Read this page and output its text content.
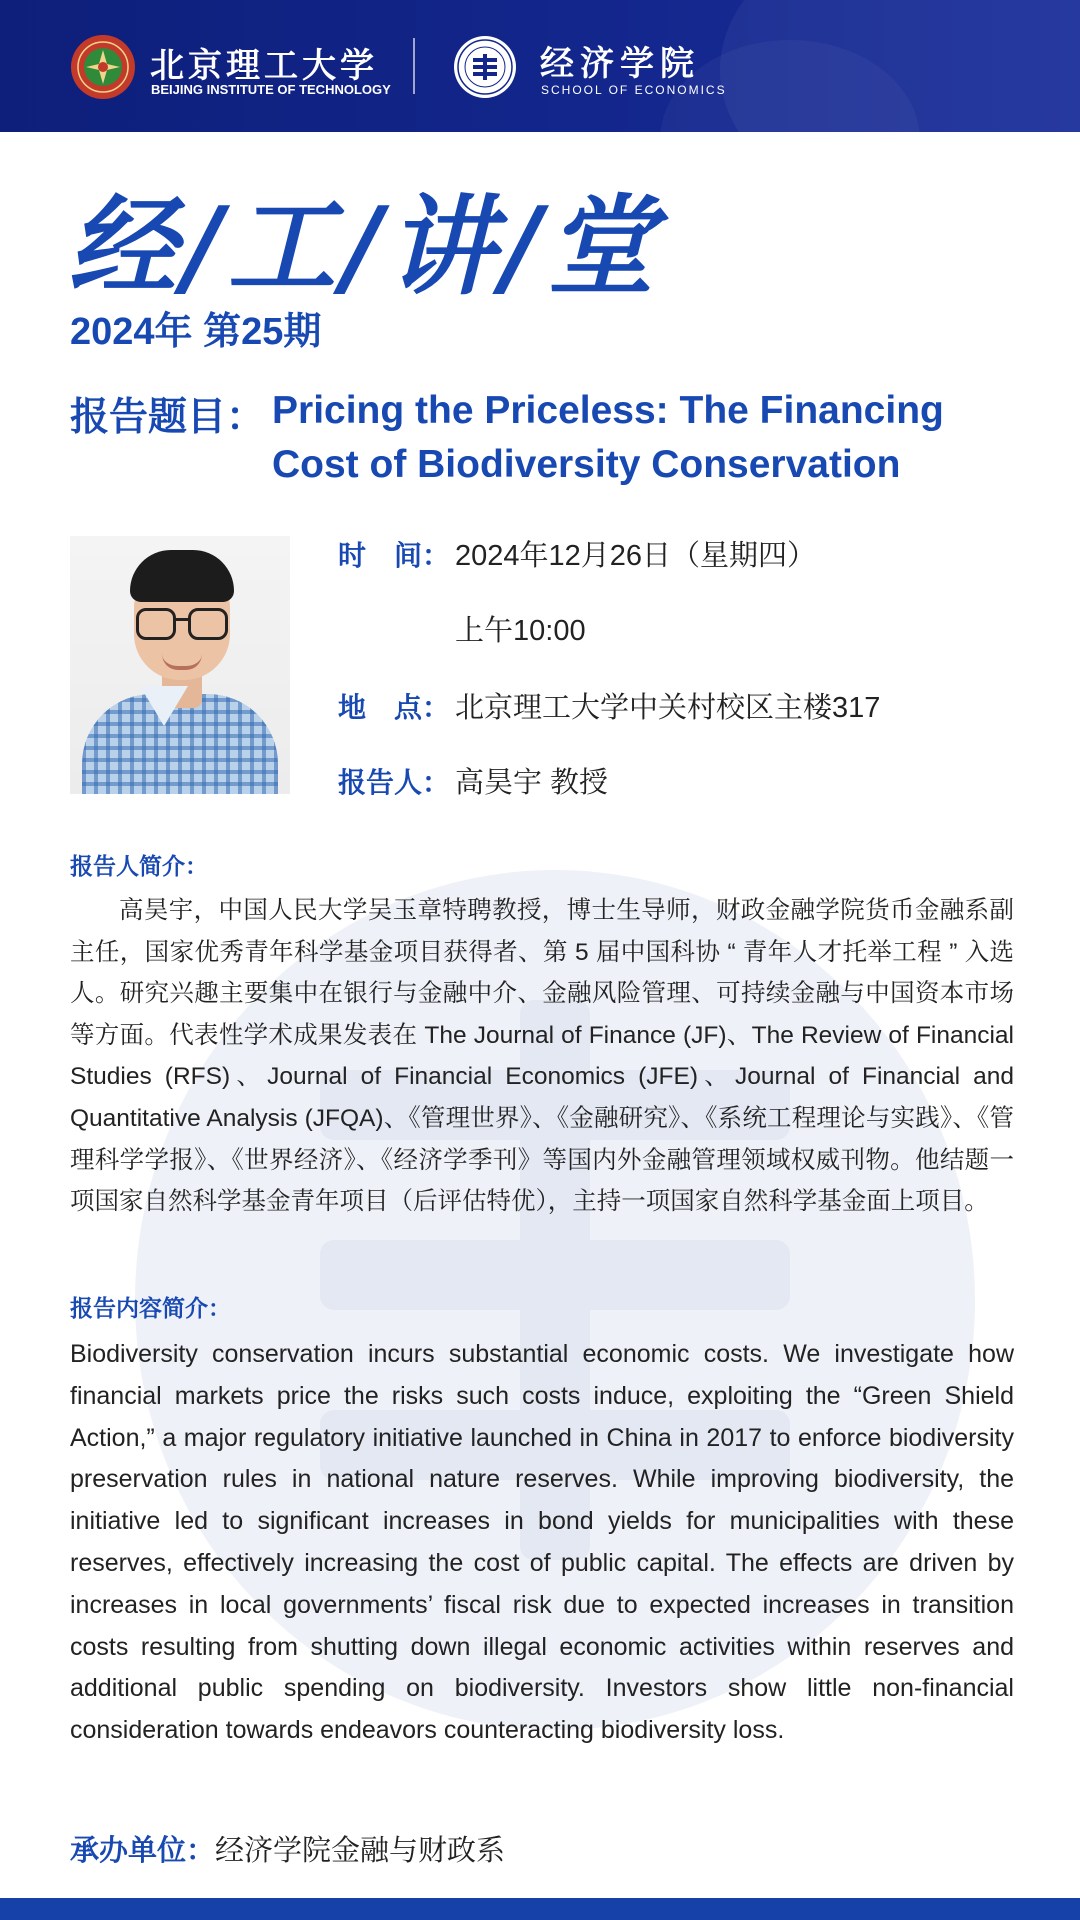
北京理工大学
BEIJING INSTITUTE OF TECHNOLOGY
经济学院
SCHOOL OF ECONOMICS
经/工/讲/堂
2024年 第25期
报告题目： Pricing the Priceless: The Financing Cost of Biodiversity Conservation
时　间： 2024年12月26日（星期四）
上午10:00
地　点： 北京理工大学中关村校区主楼317
报告人： 高昊宇 教授
报告人简介：

高昊宇，中国人民大学吴玉章特聘教授，博士生导师，财政金融学院货币金融系副主任，国家优秀青年科学基金项目获得者、第 5 届中国科协 “ 青年人才托举工程 ” 入选人。研究兴趣主要集中在银行与金融中介、金融风险管理、可持续金融与中国资本市场等方面。代表性学术成果发表在 The Journal of Finance (JF)、The Review of Financial Studies (RFS)、Journal of Financial Economics (JFE)、Journal of Financial and Quantitative Analysis (JFQA)、《管理世界》、《金融研究》、《系统工程理论与实践》、《管理科学学报》、《世界经济》、《经济学季刊》等国内外金融管理领域权威刊物。他结题一项国家自然科学基金青年项目（后评估特优），主持一项国家自然科学基金面上项目。

报告内容简介：

Biodiversity conservation incurs substantial economic costs. We investigate how financial markets price the risks such costs induce, exploiting the “Green Shield Action,” a major regulatory initiative launched in China in 2017 to enforce biodiversity preservation rules in national nature reserves. While improving biodiversity, the initiative led to significant increases in bond yields for municipalities with these reserves, effectively increasing the cost of public capital. The effects are driven by increases in local governments’ fiscal risk due to expected increases in transition costs resulting from shutting down illegal economic activities within reserves and additional public spending on biodiversity. Investors show little non-financial consideration towards endeavors counteracting biodiversity loss.

承办单位： 经济学院金融与财政系
